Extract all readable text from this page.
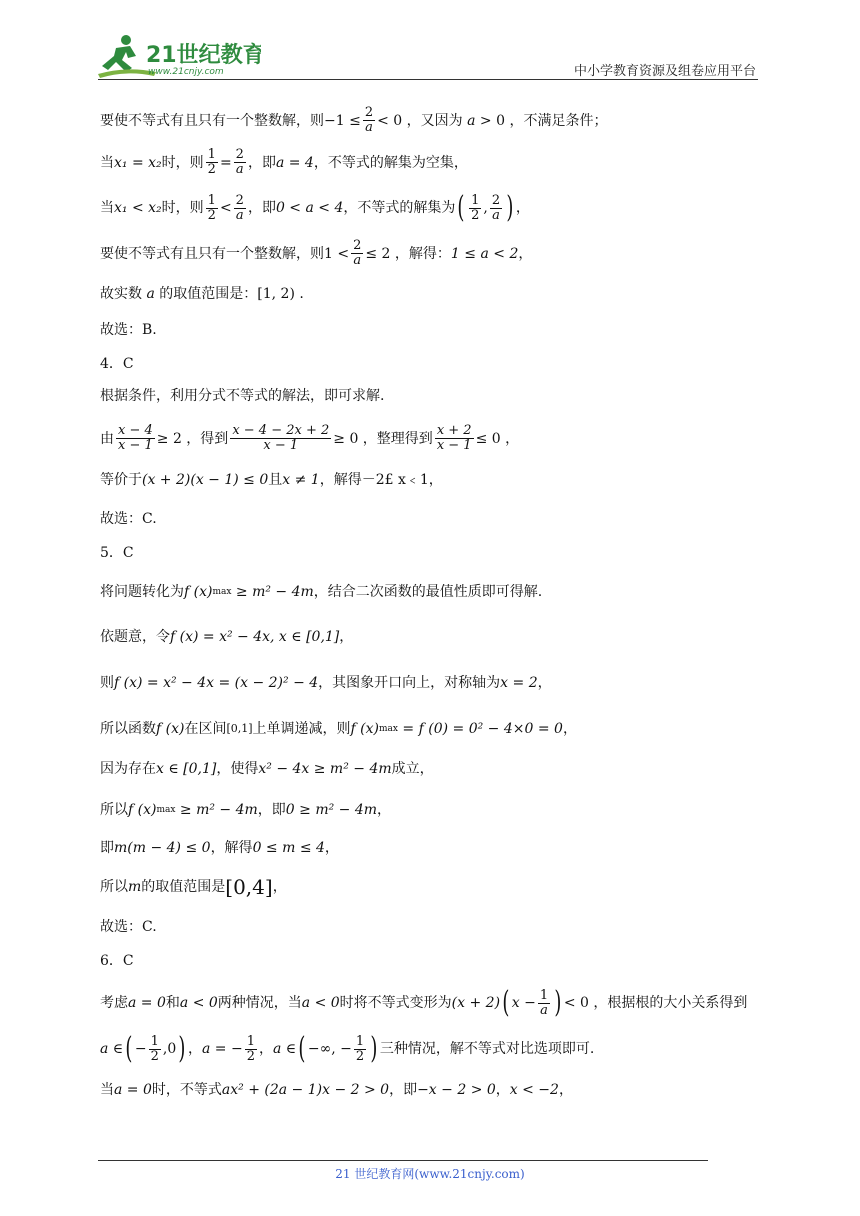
21世纪教育
www.21cnjy.com	中小学教育资源及组卷应用平台
要使不等式有且只有一个整数解，则 $-1 \le \frac{2}{a} < 0$ ，又因为
a
> 0 ，不满足条件；
当 x₁ = x₂ 时，则 $\frac{1}{2} = \frac{2}{a}$ ，即 a = 4 ，不等式的解集为空集，
当 x₁ < x₂ 时，则 $\frac{1}{2} < \frac{2}{a}$ ，即 0 < a < 4 ，不等式的解集为 ( $\frac{1}{2}$ , $\frac{2}{a}$ ) ，
要使不等式有且只有一个整数解，则 $1 < \frac{2}{a} \le 2$ ，解得： 1 ≤ a < 2 ，
故实数
a
的取值范围是： [1, 2) .
故选：B.
4．C
根据条件，利用分式不等式的解法，即可求解.
由 $\frac{x - 4}{x - 1} \ge 2$ ，得到 $\frac{x - 4 - 2x + 2}{x - 1} \ge 0$ ，整理得到 $\frac{x + 2}{x - 1} \le 0$ ，
等价于 (x + 2)(x − 1) ≤ 0 且 x ≠ 1 ，解得 －2£ x﹤1，
故选：C.
5．C
将问题转化为 f (x) max
≥ m² − 4m ，结合二次函数的最值性质即可得解.
依题意，令 f (x) = x² − 4x, x ∈ [0,1] ，
则 f (x) = x² − 4x = (x − 2)² − 4 ，其图象开口向上，对称轴为 x = 2 ，
所以函数 f (x) 在区间 [0,1] 上单调递减，则 f (x) max
= f (0) = 0² − 4×0 = 0 ，
因为存在 x ∈ [0,1] ，使得 x² − 4x ≥ m² − 4m 成立，
所以 f (x) max
≥ m² − 4m ，即 0 ≥ m² − 4m ，
即 m(m − 4) ≤ 0 ，解得 0 ≤ m ≤ 4 ，
所以 m 的取值范围是 [0,4] ，
故选：C.
6．C
考虑 a = 0 和 a < 0 两种情况，当 a < 0 时将不等式变形为 (x + 2) ( $x - \frac{1}{a}$ ) < 0 ，根据根的大小关系得到
a ∈ ( − $\frac{1}{2} ,0$ ) ， a = − $\frac{1}{2}$ ， a ∈ ( −∞, − $\frac{1}{2}$ ) 三种情况，解不等式对比选项即可.
当 a = 0 时，不等式 ax² + (2a − 1)x − 2 > 0 ，即 −x − 2 > 0 ， x < −2 ，
21 世纪教育网(www.21cnjy.com)
